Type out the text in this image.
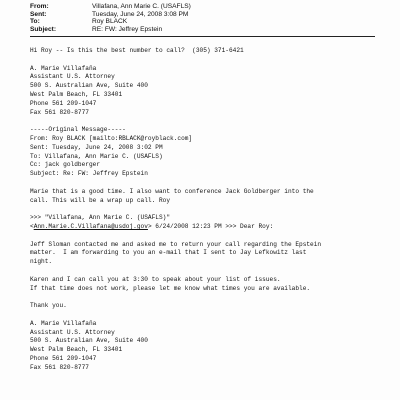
From:	Villafana, Ann Marie C. (USAFLS)
Sent:	Tuesday, June 24, 2008 3:08 PM
To:	Roy BLACK
Subject:	RE: FW: Jeffrey Epstein
Hi Roy -- Is this the best number to call?  (305) 371-6421
A. Marie Villafaña
Assistant U.S. Attorney
500 S. Australian Ave, Suite 400
West Palm Beach, FL 33401
Phone 561 209-1047
Fax 561 820-8777
-----Original Message-----
From: Roy BLACK [mailto:RBLACK@royblack.com]
Sent: Tuesday, June 24, 2008 3:02 PM
To: Villafana, Ann Marie C. (USAFLS)
Cc: jack goldberger
Subject: Re: FW: Jeffrey Epstein
Marie that is a good time. I also want to conference Jack Goldberger into the
call. This will be a wrap up call. Roy
>>> "Villafana, Ann Marie C. (USAFLS)"
<Ann.Marie.C.Villafana@usdoj.gov> 6/24/2008 12:23 PM >>> Dear Roy:
Jeff Sloman contacted me and asked me to return your call regarding the Epstein
matter.  I am forwarding to you an e-mail that I sent to Jay Lefkowitz last
night.
Karen and I can call you at 3:30 to speak about your list of issues.
If that time does not work, please let me know what times you are available.
Thank you.
A. Marie Villafaña
Assistant U.S. Attorney
500 S. Australian Ave, Suite 400
West Palm Beach, FL 33401
Phone 561 209-1047
Fax 561 820-8777
